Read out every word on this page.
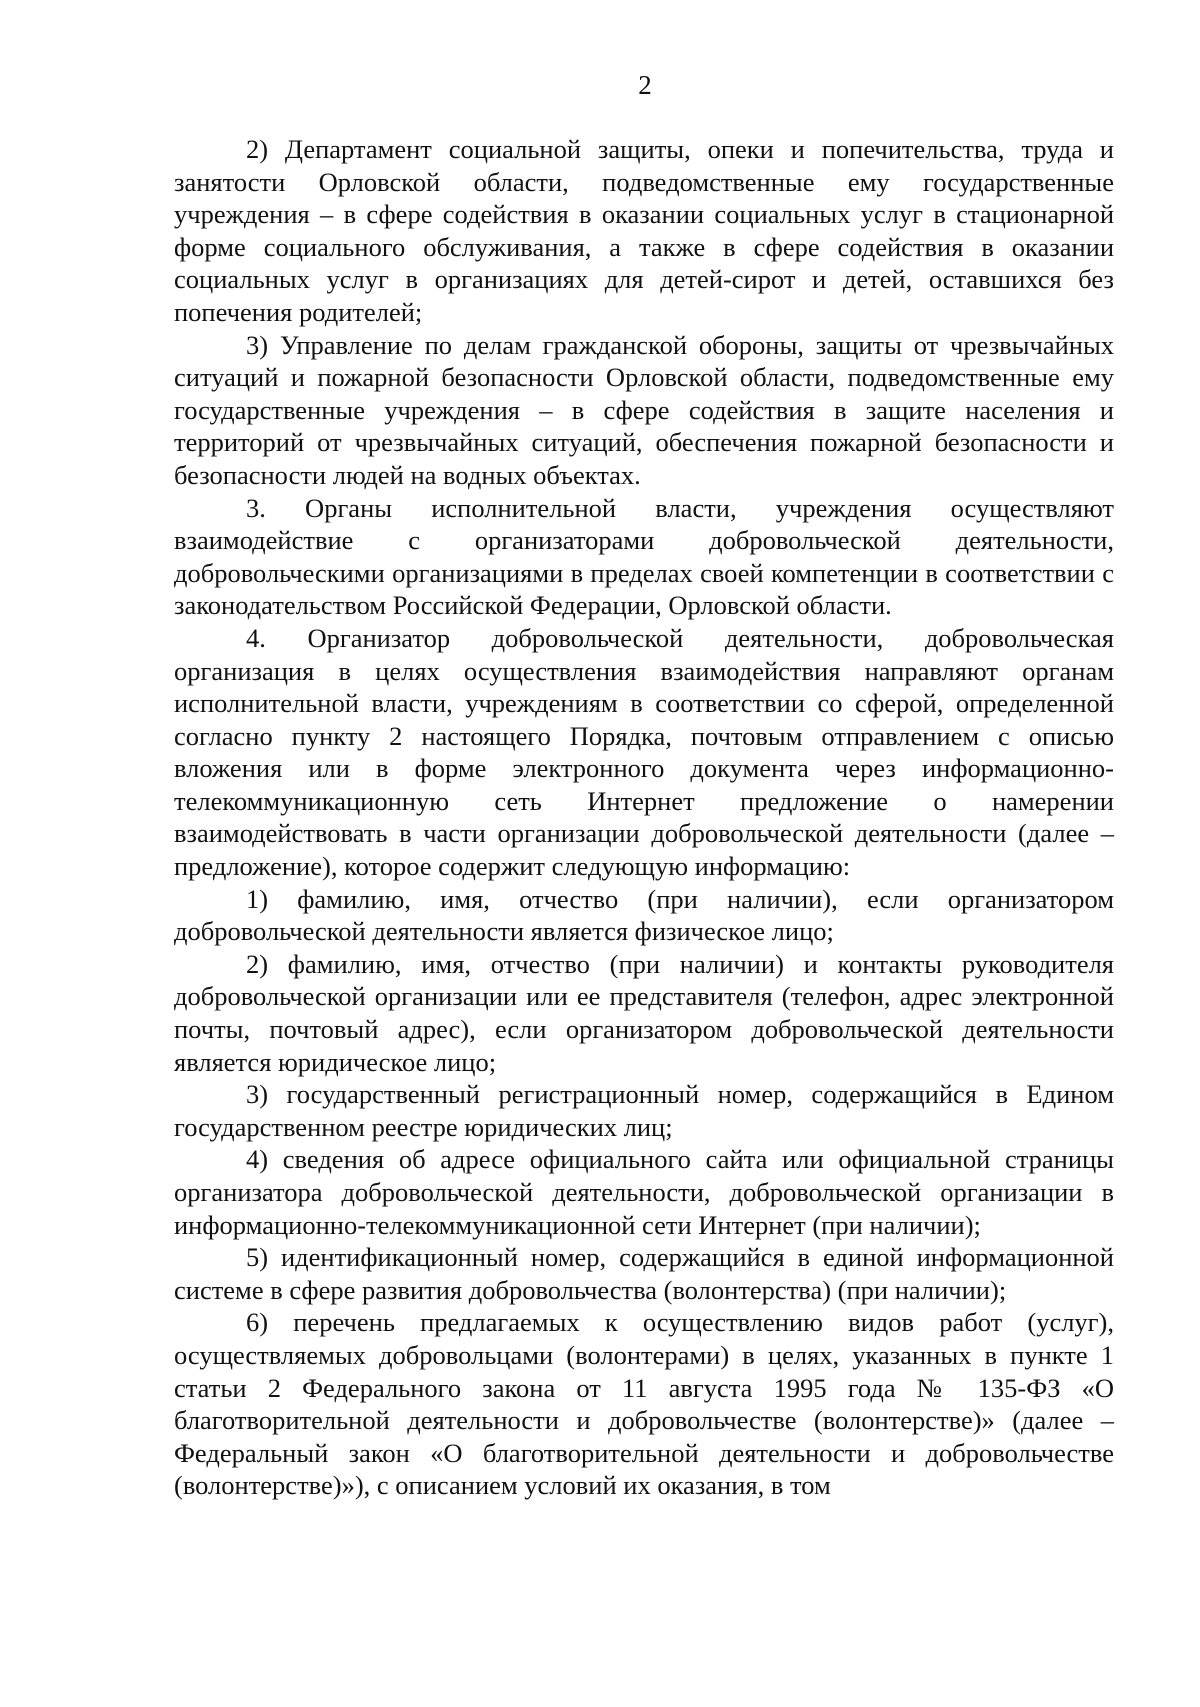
2

2) Департамент социальной защиты, опеки и попечительства, труда и занятости Орловской области, подведомственные ему государственные учреждения – в сфере содействия в оказании социальных услуг в стационарной форме социального обслуживания, а также в сфере содействия в оказании социальных услуг в организациях для детей-сирот и детей, оставшихся без попечения родителей;

3) Управление по делам гражданской обороны, защиты от чрезвычайных ситуаций и пожарной безопасности Орловской области, подведомственные ему государственные учреждения – в сфере содействия в защите населения и территорий от чрезвычайных ситуаций, обеспечения пожарной безопасности и безопасности людей на водных объектах.

3. Органы исполнительной власти, учреждения осуществляют взаимодействие с организаторами добровольческой деятельности, добровольческими организациями в пределах своей компетенции в соответствии с законодательством Российской Федерации, Орловской области.

4. Организатор добровольческой деятельности, добровольческая организация в целях осуществления взаимодействия направляют органам исполнительной власти, учреждениям в соответствии со сферой, определенной согласно пункту 2 настоящего Порядка, почтовым отправлением с описью вложения или в форме электронного документа через информационно-телекоммуникационную сеть Интернет предложение о намерении взаимодействовать в части организации добровольческой деятельности (далее – предложение), которое содержит следующую информацию:

1) фамилию, имя, отчество (при наличии), если организатором добровольческой деятельности является физическое лицо;

2) фамилию, имя, отчество (при наличии) и контакты руководителя добровольческой организации или ее представителя (телефон, адрес электронной почты, почтовый адрес), если организатором добровольческой деятельности является юридическое лицо;

3) государственный регистрационный номер, содержащийся в Едином государственном реестре юридических лиц;

4) сведения об адресе официального сайта или официальной страницы организатора добровольческой деятельности, добровольческой организации в информационно-телекоммуникационной сети Интернет (при наличии);

5) идентификационный номер, содержащийся в единой информационной системе в сфере развития добровольчества (волонтерства) (при наличии);

6) перечень предлагаемых к осуществлению видов работ (услуг), осуществляемых добровольцами (волонтерами) в целях, указанных в пункте 1 статьи 2 Федерального закона от 11 августа 1995 года № 135-ФЗ «О благотворительной деятельности и добровольчестве (волонтерстве)» (далее – Федеральный закон «О благотворительной деятельности и добровольчестве (волонтерстве)»), с описанием условий их оказания, в том
